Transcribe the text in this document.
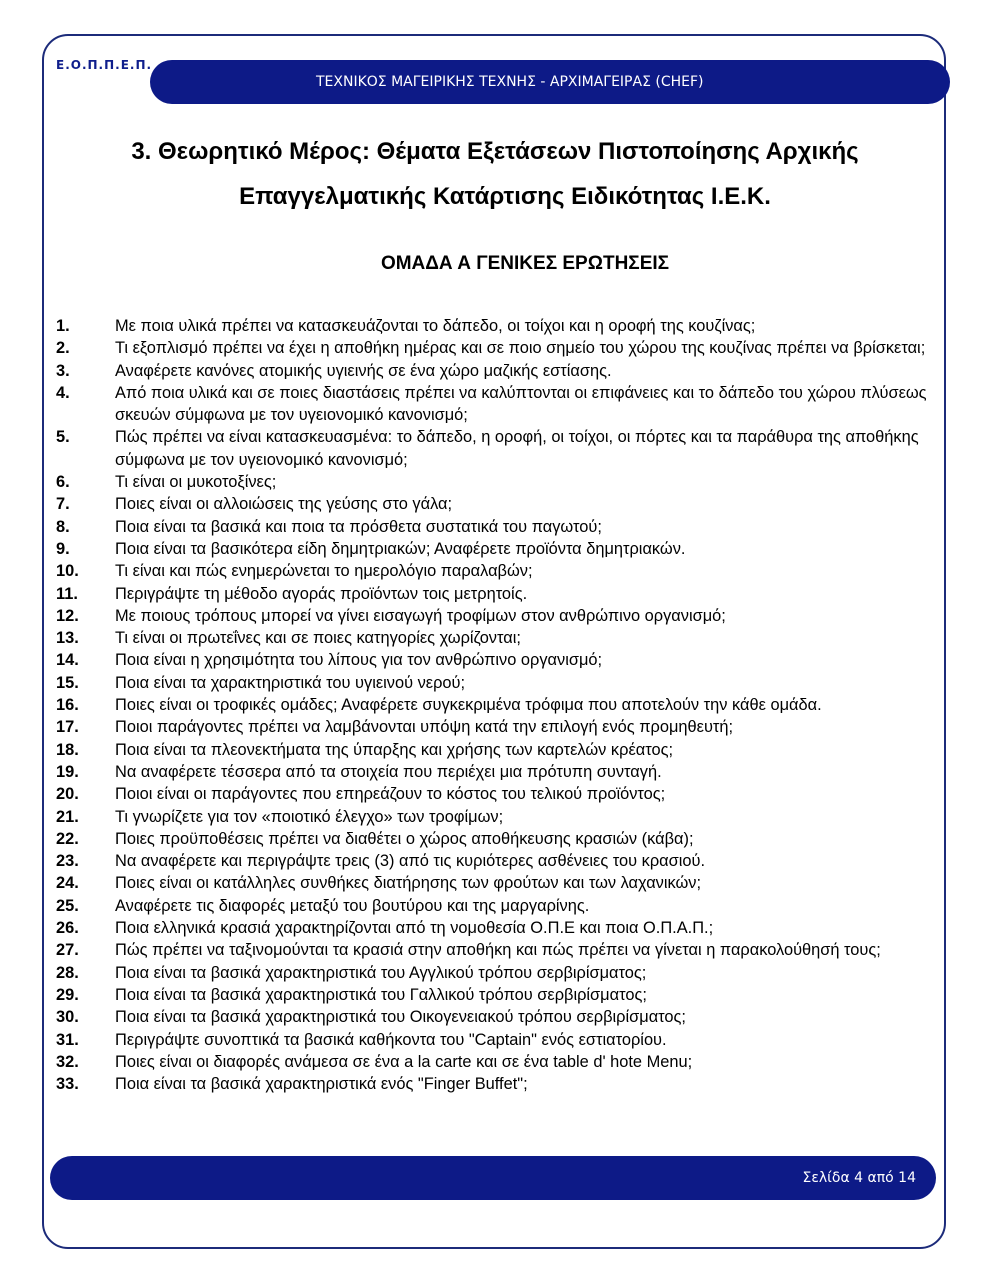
Ε.Ο.Π.Π.Ε.Π.
ΤΕΧΝΙΚΟΣ ΜΑΓΕΙΡΙΚΗΣ ΤΕΧΝΗΣ - ΑΡΧΙΜΑΓΕΙΡΑΣ (CHEF)
3. Θεωρητικό Μέρος: Θέματα Εξετάσεων Πιστοποίησης Αρχικής
Επαγγελματικής Κατάρτισης Ειδικότητας Ι.Ε.Κ.
ΟΜΑΔΑ Α ΓΕΝΙΚΕΣ ΕΡΩΤΗΣΕΙΣ
1.	Με ποια υλικά πρέπει να κατασκευάζονται το δάπεδο, οι τοίχοι και η οροφή της κουζίνας;
2.	Τι εξοπλισμό πρέπει να έχει η αποθήκη ημέρας και σε ποιο σημείο του χώρου της κουζίνας πρέπει να βρίσκεται;
3.	Αναφέρετε κανόνες ατομικής υγιεινής σε ένα χώρο μαζικής εστίασης.
4.	Από ποια υλικά και σε ποιες διαστάσεις πρέπει να καλύπτονται οι επιφάνειες και το δάπεδο του χώρου πλύσεως σκευών σύμφωνα με τον υγειονομικό κανονισμό;
5.	Πώς πρέπει να είναι κατασκευασμένα: το δάπεδο, η οροφή, οι τοίχοι, οι πόρτες και τα παράθυρα της αποθήκης σύμφωνα με τον υγειονομικό κανονισμό;
6.	Τι είναι οι μυκοτοξίνες;
7.	Ποιες είναι οι αλλοιώσεις της γεύσης στο γάλα;
8.	Ποια είναι τα βασικά και ποια τα πρόσθετα συστατικά του παγωτού;
9.	Ποια είναι τα βασικότερα είδη δημητριακών; Αναφέρετε προϊόντα δημητριακών.
10. Τι είναι και πώς ενημερώνεται το ημερολόγιο παραλαβών;
11. Περιγράψτε τη μέθοδο αγοράς προϊόντων τοις μετρητοίς.
12. Με ποιους τρόπους μπορεί να γίνει εισαγωγή τροφίμων στον ανθρώπινο οργανισμό;
13. Τι είναι οι πρωτεΐνες και σε ποιες κατηγορίες χωρίζονται;
14. Ποια είναι η χρησιμότητα του λίπους για τον ανθρώπινο οργανισμό;
15. Ποια είναι τα χαρακτηριστικά του υγιεινού νερού;
16. Ποιες είναι οι τροφικές ομάδες; Αναφέρετε συγκεκριμένα τρόφιμα που αποτελούν την κάθε ομάδα.
17. Ποιοι παράγοντες πρέπει να λαμβάνονται υπόψη κατά την επιλογή ενός προμηθευτή;
18. Ποια είναι τα πλεονεκτήματα της ύπαρξης και χρήσης των καρτελών κρέατος;
19. Να αναφέρετε τέσσερα από τα στοιχεία που περιέχει μια πρότυπη συνταγή.
20. Ποιοι είναι οι παράγοντες που επηρεάζουν το κόστος του τελικού προϊόντος;
21. Τι γνωρίζετε για τον «ποιοτικό έλεγχο» των τροφίμων;
22. Ποιες προϋποθέσεις πρέπει να διαθέτει ο χώρος αποθήκευσης κρασιών (κάβα);
23. Να αναφέρετε και περιγράψτε τρεις (3) από τις κυριότερες ασθένειες του κρασιού.
24. Ποιες είναι οι κατάλληλες συνθήκες διατήρησης των φρούτων και των λαχανικών;
25. Αναφέρετε τις διαφορές μεταξύ του βουτύρου και της μαργαρίνης.
26. Ποια ελληνικά κρασιά χαρακτηρίζονται από τη νομοθεσία Ο.Π.Ε και ποια Ο.Π.Α.Π.;
27. Πώς πρέπει να ταξινομούνται τα κρασιά στην αποθήκη και πώς πρέπει να γίνεται η παρακολούθησή τους;
28. Ποια είναι τα βασικά χαρακτηριστικά του Αγγλικού τρόπου σερβιρίσματος;
29. Ποια είναι τα βασικά χαρακτηριστικά του Γαλλικού τρόπου σερβιρίσματος;
30. Ποια είναι τα βασικά χαρακτηριστικά του Οικογενειακού τρόπου σερβιρίσματος;
31. Περιγράψτε συνοπτικά τα βασικά καθήκοντα του "Captain" ενός εστιατορίου.
32. Ποιες είναι οι διαφορές ανάμεσα σε ένα a la carte και σε ένα table d' hote Menu;
33. Ποια είναι τα βασικά χαρακτηριστικά ενός "Finger Buffet";
Σελίδα 4 από 14
